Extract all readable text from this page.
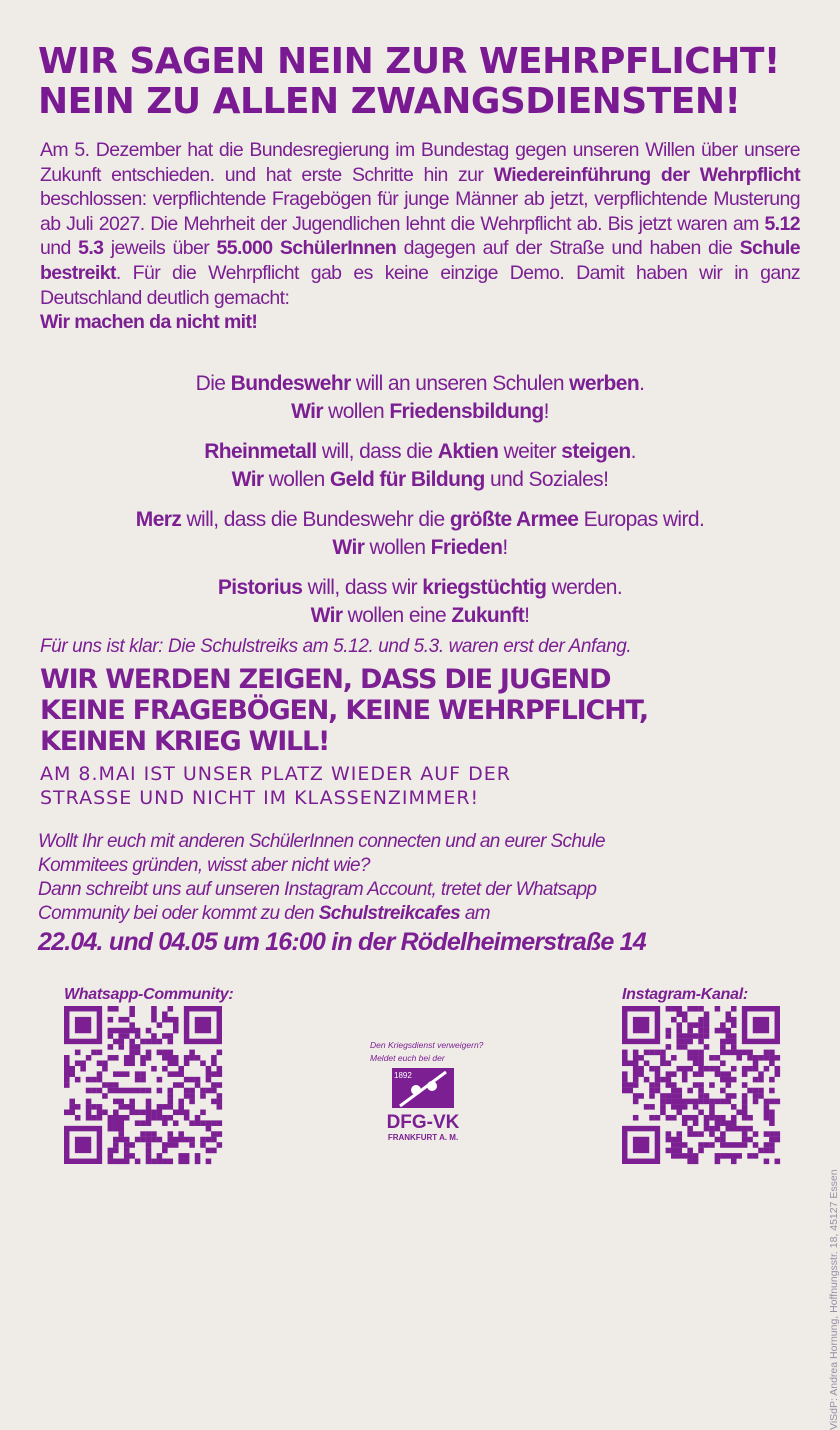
WIR SAGEN NEIN ZUR WEHRPFLICHT!
NEIN ZU ALLEN ZWANGSDIENSTEN!

Am 5. Dezember hat die Bundesregierung im Bundestag gegen unseren Willen über unsere Zukunft entschieden. und hat erste Schritte hin zur Wiedereinführung der Wehrpflicht beschlossen: verpflichtende Fragebögen für junge Männer ab jetzt, verpflichtende Musterung ab Juli 2027. Die Mehrheit der Jugendlichen lehnt die Wehrpflicht ab. Bis jetzt waren am 5.12 und 5.3 jeweils über 55.000 SchülerInnen dagegen auf der Straße und haben die Schule bestreikt. Für die Wehrpflicht gab es keine einzige Demo. Damit haben wir in ganz Deutschland deutlich gemacht:
Wir machen da nicht mit!

Die Bundeswehr will an unseren Schulen werben.
Wir wollen Friedensbildung!
Rheinmetall will, dass die Aktien weiter steigen.
Wir wollen Geld für Bildung und Soziales!
Merz will, dass die Bundeswehr die größte Armee Europas wird.
Wir wollen Frieden!
Pistorius will, dass wir kriegstüchtig werden.
Wir wollen eine Zukunft!

Für uns ist klar: Die Schulstreiks am 5.12. und 5.3. waren erst der Anfang.

WIR WERDEN ZEIGEN, DASS DIE JUGEND
KEINE FRAGEBÖGEN, KEINE WEHRPFLICHT,
KEINEN KRIEG WILL!
AM 8.MAI IST UNSER PLATZ WIEDER AUF DER
STRASSE UND NICHT IM KLASSENZIMMER!
Wollt Ihr euch mit anderen SchülerInnen connecten und an eurer Schule
Kommitees gründen, wisst aber nicht wie?
Dann schreibt uns auf unseren Instagram Account, tretet der Whatsapp
Community bei oder kommt zu den Schulstreikcafes am
22.04. und 04.05 um 16:00 in der Rödelheimerstraße 14
Whatsapp-Community:	Instagram-Kanal:
Den Kriegsdienst verweigern?
Meldet euch bei der
1892
DFG-VK
FRANKFURT A. M.
ViSdP: Andrea Hornung, Hoffnungsstr. 18, 45127 Essen
